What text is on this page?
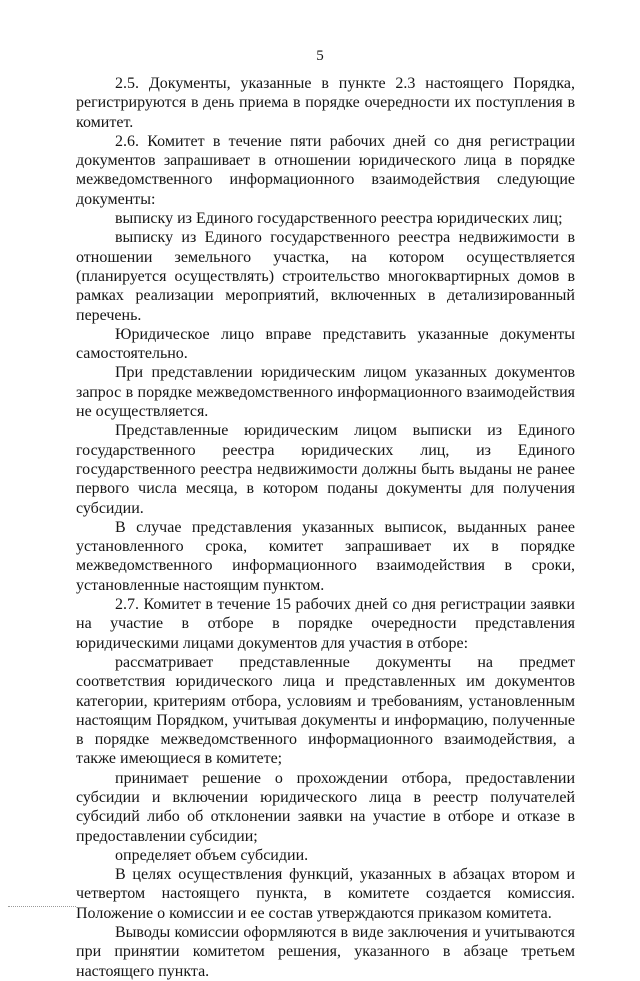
5

2.5. Документы, указанные в пункте 2.3 настоящего Порядка, регистрируются в день приема в порядке очередности их поступления в комитет.

2.6. Комитет в течение пяти рабочих дней со дня регистрации документов запрашивает в отношении юридического лица в порядке межведомственного информационного взаимодействия следующие документы:

выписку из Единого государственного реестра юридических лиц;

выписку из Единого государственного реестра недвижимости в отношении земельного участка, на котором осуществляется (планируется осуществлять) строительство многоквартирных домов в рамках реализации мероприятий, включенных в детализированный перечень.

Юридическое лицо вправе представить указанные документы самостоятельно.

При представлении юридическим лицом указанных документов запрос в порядке межведомственного информационного взаимодействия не осуществляется.

Представленные юридическим лицом выписки из Единого государственного реестра юридических лиц, из Единого государственного реестра недвижимости должны быть выданы не ранее первого числа месяца, в котором поданы документы для получения субсидии.

В случае представления указанных выписок, выданных ранее установленного срока, комитет запрашивает их в порядке межведомственного информационного взаимодействия в сроки, установленные настоящим пунктом.

2.7. Комитет в течение 15 рабочих дней со дня регистрации заявки на участие в отборе в порядке очередности представления юридическими лицами документов для участия в отборе:

рассматривает представленные документы на предмет соответствия юридического лица и представленных им документов категории, критериям отбора, условиям и требованиям, установленным настоящим Порядком, учитывая документы и информацию, полученные в порядке межведомственного информационного взаимодействия, а также имеющиеся в комитете;

принимает решение о прохождении отбора, предоставлении субсидии и включении юридического лица в реестр получателей субсидий либо об отклонении заявки на участие в отборе и отказе в предоставлении субсидии;

определяет объем субсидии.

В целях осуществления функций, указанных в абзацах втором и четвертом настоящего пункта, в комитете создается комиссия. Положение о комиссии и ее состав утверждаются приказом комитета.

Выводы комиссии оформляются в виде заключения и учитываются при принятии комитетом решения, указанного в абзаце третьем настоящего пункта.
